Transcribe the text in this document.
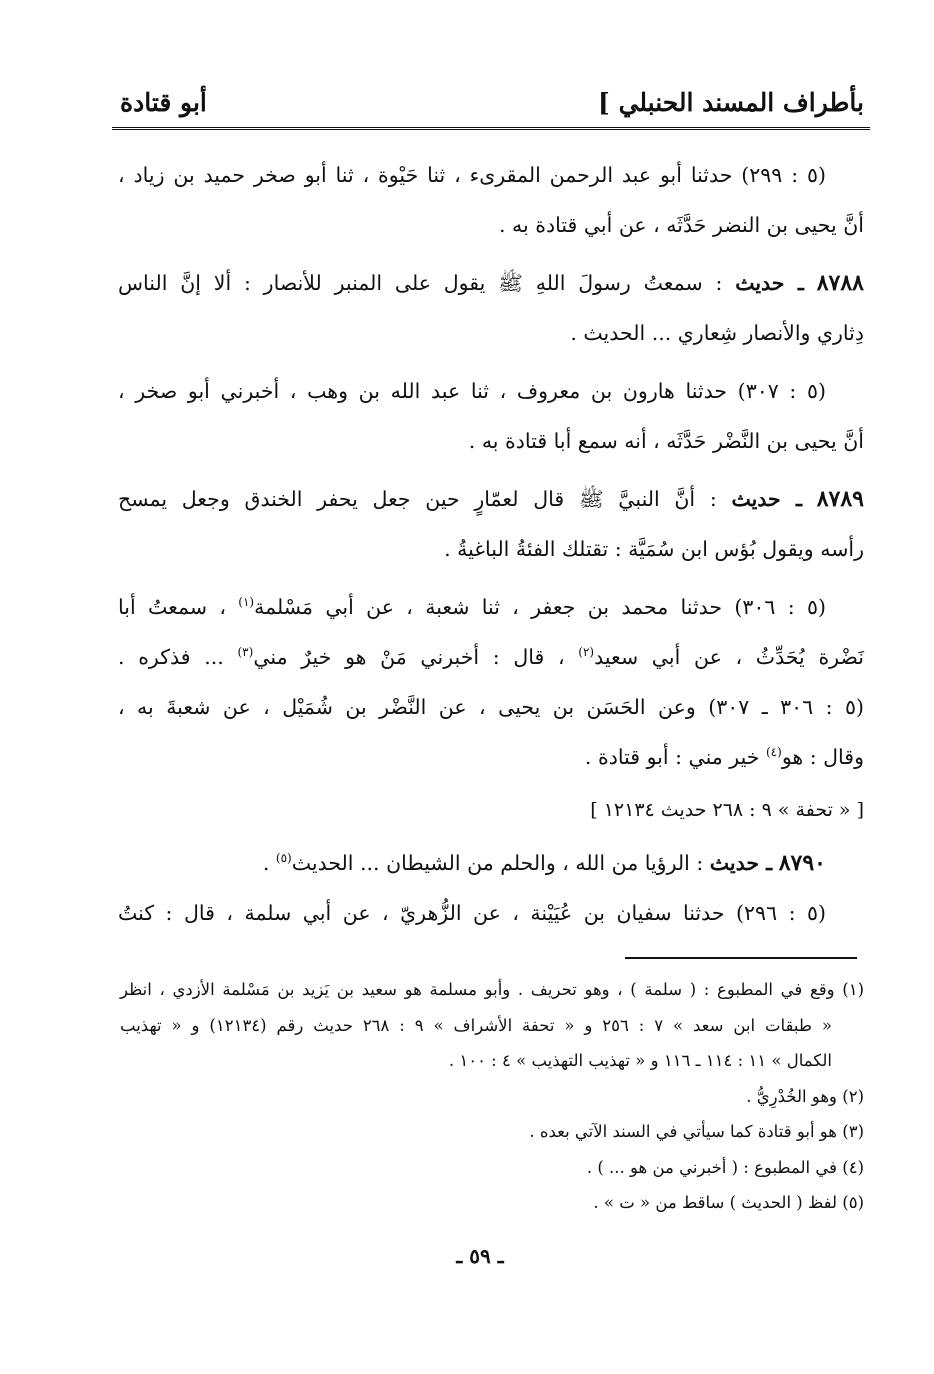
بأطراف المسند الحنبلي ]
أبو قتادة
(٥ : ٢٩٩) حدثنا أبو عبد الرحمن المقرىء ، ثنا حَيْوة ، ثنا أبو صخر حميد بن زياد ،
أنَّ يحيى بن النضر حَدَّثَه ، عن أبي قتادة به .
٨٧٨٨ ـ حديث : سمعتُ رسولَ اللهِ ﷺ يقول على المنبر للأنصار : ألا إنَّ الناس
دِثاري والأنصار شِعاري ... الحديث .
(٥ : ٣٠٧) حدثنا هارون بن معروف ، ثنا عبد الله بن وهب ، أخبرني أبو صخر ،
أنَّ يحيى بن النَّضْر حَدَّثَه ، أنه سمع أبا قتادة به .
٨٧٨٩ ـ حديث : أنَّ النبيَّ ﷺ قال لعمّارٍ حين جعل يحفر الخندق وجعل يمسح
رأسه ويقول بُؤس ابن سُمَيَّة : تقتلك الفئةُ الباغيةُ .
(٥ : ٣٠٦) حدثنا محمد بن جعفر ، ثنا شعبة ، عن أبي مَسْلمة$^{(١)}$ ، سمعتُ أبا
نَضْرة يُحَدِّثُ ، عن أبي سعيد$^{(٢)}$ ، قال : أخبرني مَنْ هو خيرٌ مني$^{(٣)}$ ... فذكره .
(٥ : ٣٠٦ ـ ٣٠٧) وعن الحَسَن بن يحيى ، عن النَّضْر بن شُمَيْل ، عن شعبةَ به ،
وقال : هو$^{(٤)}$ خير مني : أبو قتادة .
[ « تحفة » ٩ : ٢٦٨ حديث ١٢١٣٤ ]
٨٧٩٠ ـ حديث : الرؤيا من الله ، والحلم من الشيطان ... الحديث$^{(٥)}$ .
(٥ : ٢٩٦) حدثنا سفيان بن عُيَيْنة ، عن الزُّهريّ ، عن أبي سلمة ، قال : كنتُ
(١) وقع في المطبوع : ( سلمة ) ، وهو تحريف . وأبو مسلمة هو سعيد بن يَزيد بن مَسْلمة الأزدي ، انظر
« طبقات ابن سعد » ٧ : ٢٥٦ و « تحفة الأشراف » ٩ : ٢٦٨ حديث رقم (١٢١٣٤) و « تهذيب
الكمال » ١١ : ١١٤ ـ ١١٦ و « تهذيب التهذيب » ٤ : ١٠٠ .
(٢) وهو الخُدْرِيُّ .
(٣) هو أبو قتادة كما سيأتي في السند الآتي بعده .
(٤) في المطبوع : ( أخبرني من هو ... ) .
(٥) لفظ ( الحديث ) ساقط من « ت » .
ـ ٥٩ ـ
